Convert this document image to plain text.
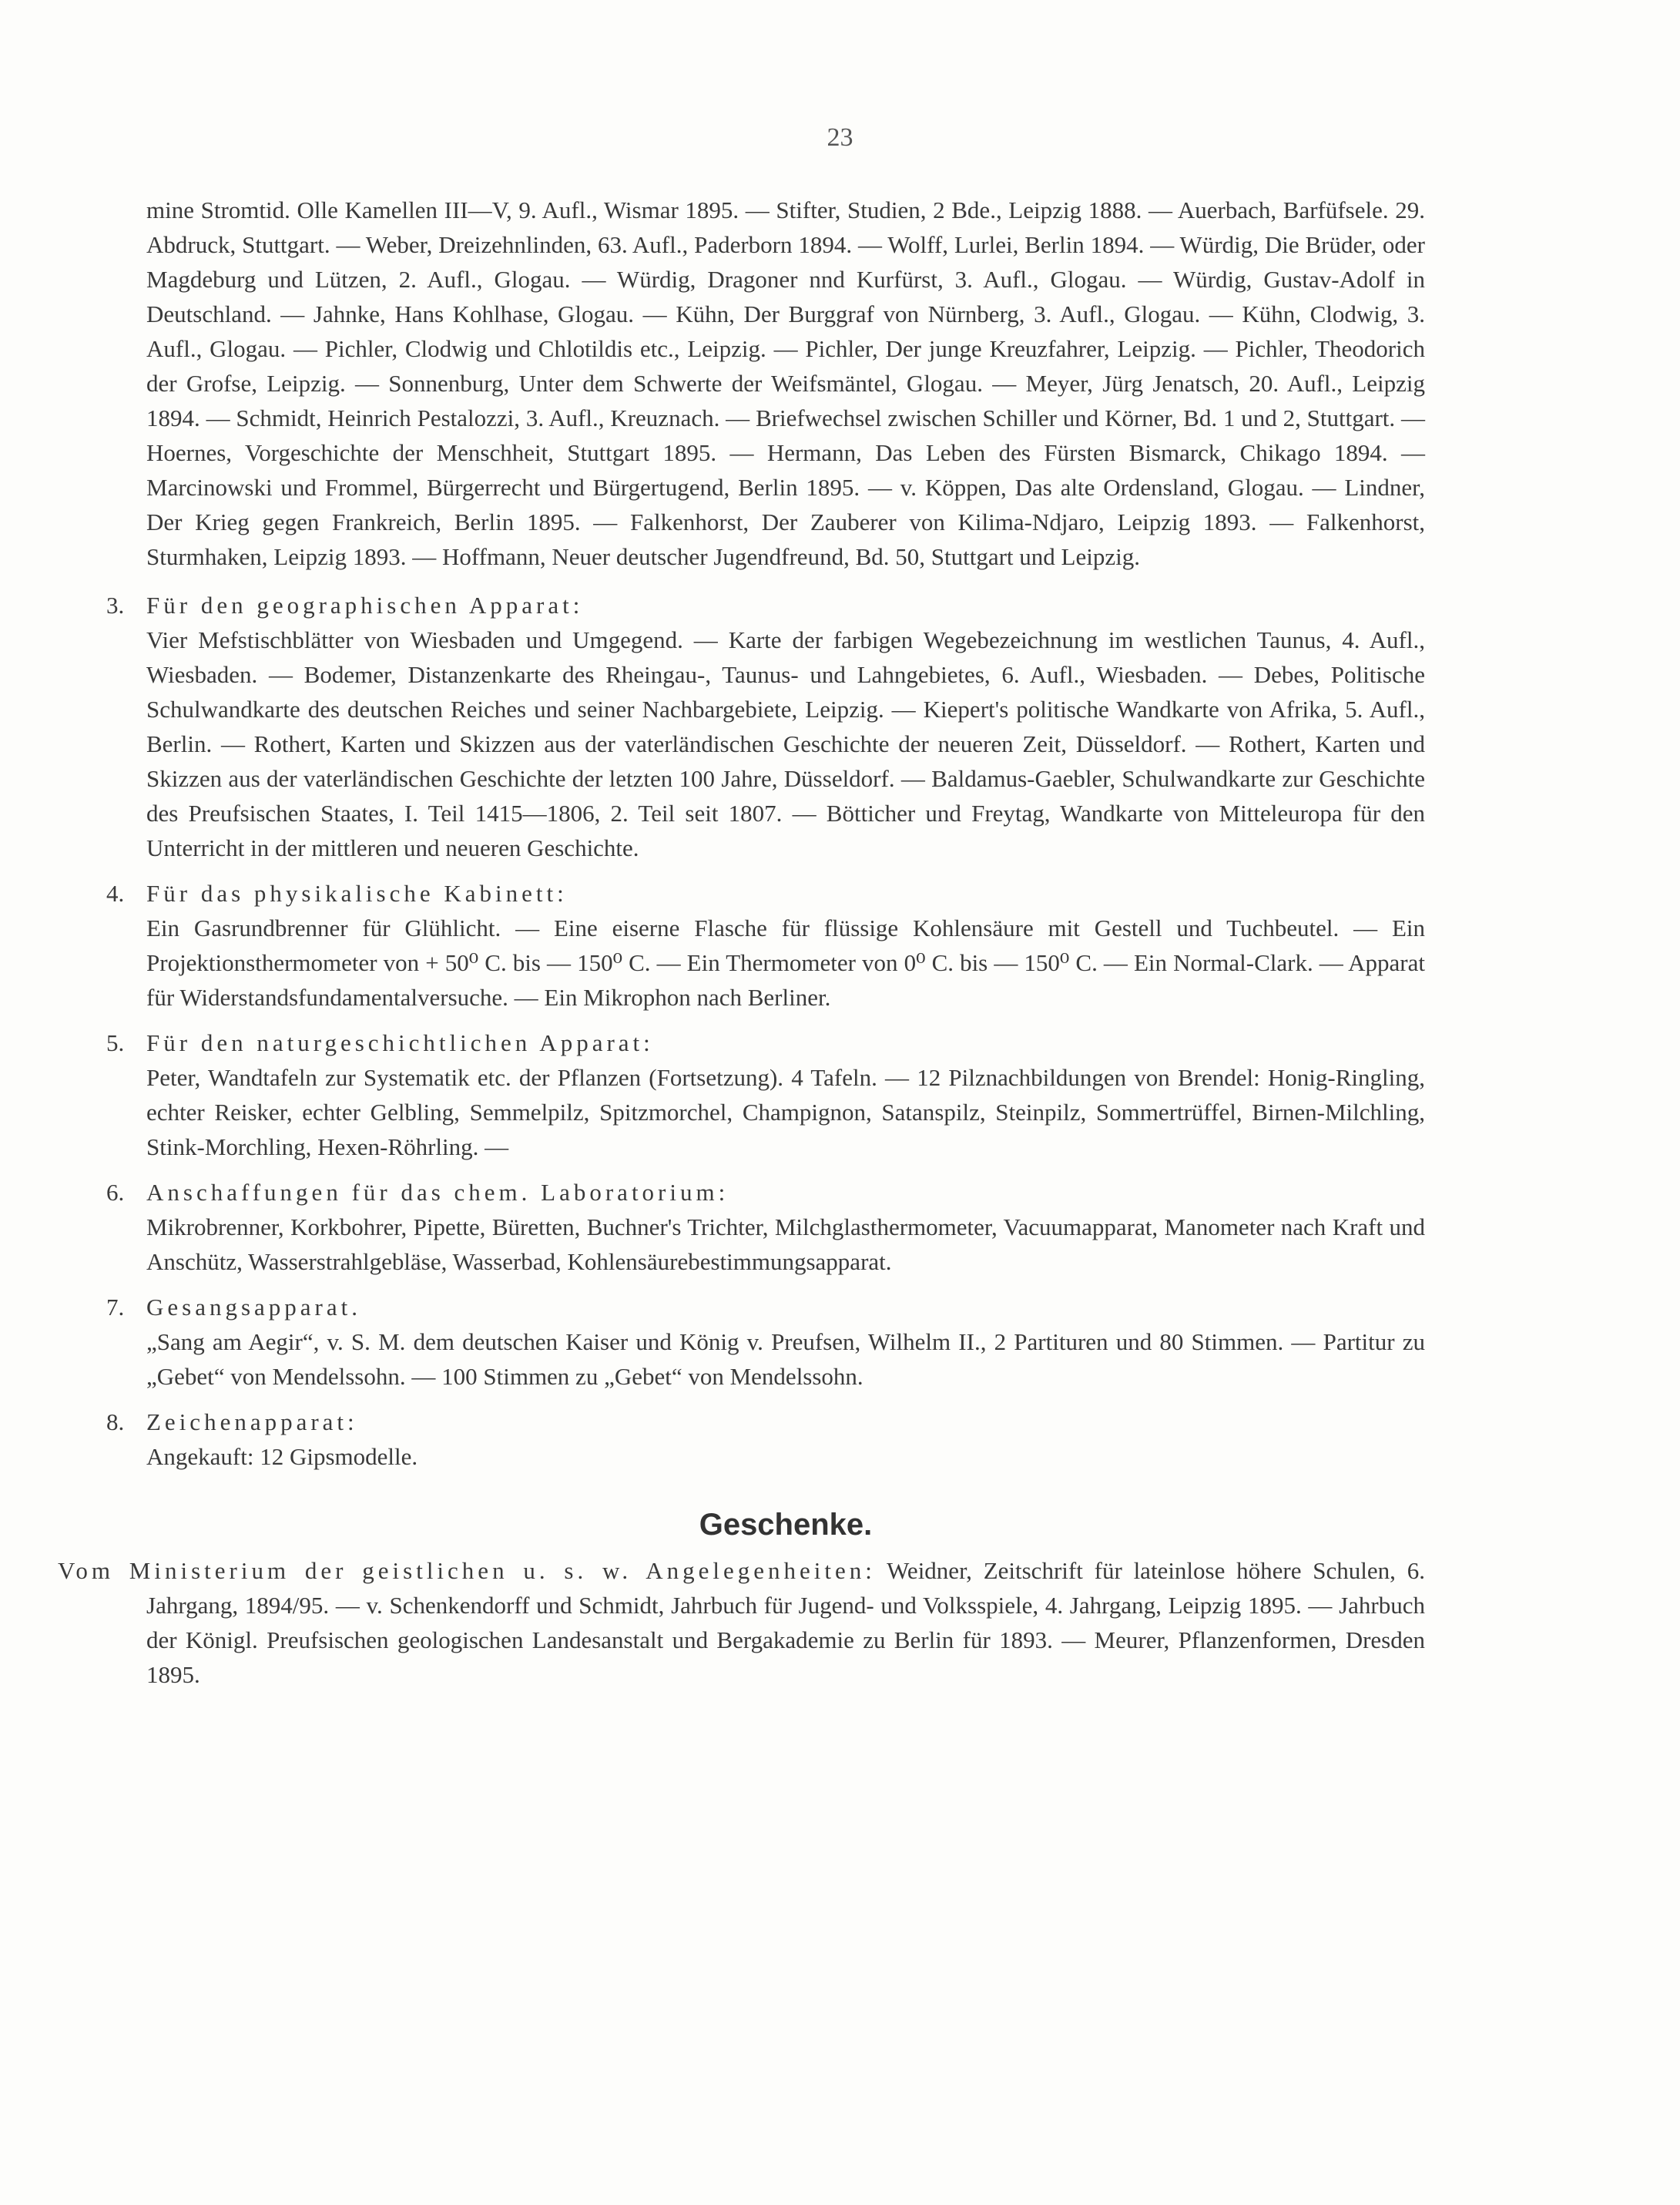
23

mine Stromtid. Olle Kamellen III—V, 9. Aufl., Wismar 1895. — Stifter, Studien, 2 Bde., Leipzig 1888. — Auerbach, Barfüfsele. 29. Abdruck, Stuttgart. — Weber, Dreizehnlinden, 63. Aufl., Paderborn 1894. — Wolff, Lurlei, Berlin 1894. — Würdig, Die Brüder, oder Magdeburg und Lützen, 2. Aufl., Glogau. — Würdig, Dragoner nnd Kurfürst, 3. Aufl., Glogau. — Würdig, Gustav-Adolf in Deutschland. — Jahnke, Hans Kohlhase, Glogau. — Kühn, Der Burggraf von Nürnberg, 3. Aufl., Glogau. — Kühn, Clodwig, 3. Aufl., Glogau. — Pichler, Clodwig und Chlotildis etc., Leipzig. — Pichler, Der junge Kreuzfahrer, Leipzig. — Pichler, Theodorich der Grofse, Leipzig. — Sonnenburg, Unter dem Schwerte der Weifsmäntel, Glogau. — Meyer, Jürg Jenatsch, 20. Aufl., Leipzig 1894. — Schmidt, Heinrich Pestalozzi, 3. Aufl., Kreuznach. — Briefwechsel zwischen Schiller und Körner, Bd. 1 und 2, Stuttgart. — Hoernes, Vorgeschichte der Menschheit, Stuttgart 1895. — Hermann, Das Leben des Fürsten Bismarck, Chikago 1894. — Marcinowski und Frommel, Bürgerrecht und Bürgertugend, Berlin 1895. — v. Köppen, Das alte Ordensland, Glogau. — Lindner, Der Krieg gegen Frankreich, Berlin 1895. — Falkenhorst, Der Zauberer von Kilima-Ndjaro, Leipzig 1893. — Falkenhorst, Sturmhaken, Leipzig 1893. — Hoffmann, Neuer deutscher Jugendfreund, Bd. 50, Stuttgart und Leipzig.

3. Für den geographischen Apparat:

Vier Mefstischblätter von Wiesbaden und Umgegend. — Karte der farbigen Wegebezeichnung im westlichen Taunus, 4. Aufl., Wiesbaden. — Bodemer, Distanzenkarte des Rheingau-, Taunus- und Lahngebietes, 6. Aufl., Wiesbaden. — Debes, Politische Schulwandkarte des deutschen Reiches und seiner Nachbargebiete, Leipzig. — Kiepert's politische Wandkarte von Afrika, 5. Aufl., Berlin. — Rothert, Karten und Skizzen aus der vaterländischen Geschichte der neueren Zeit, Düsseldorf. — Rothert, Karten und Skizzen aus der vaterländischen Geschichte der letzten 100 Jahre, Düsseldorf. — Baldamus-Gaebler, Schulwandkarte zur Geschichte des Preufsischen Staates, I. Teil 1415—1806, 2. Teil seit 1807. — Bötticher und Freytag, Wandkarte von Mitteleuropa für den Unterricht in der mittleren und neueren Geschichte.

4. Für das physikalische Kabinett:

Ein Gasrundbrenner für Glühlicht. — Eine eiserne Flasche für flüssige Kohlensäure mit Gestell und Tuchbeutel. — Ein Projektionsthermometer von + 50⁰ C. bis — 150⁰ C. — Ein Thermometer von 0⁰ C. bis — 150⁰ C. — Ein Normal-Clark. — Apparat für Widerstandsfundamentalversuche. — Ein Mikrophon nach Berliner.

5. Für den naturgeschichtlichen Apparat:

Peter, Wandtafeln zur Systematik etc. der Pflanzen (Fortsetzung). 4 Tafeln. — 12 Pilznachbildungen von Brendel: Honig-Ringling, echter Reisker, echter Gelbling, Semmelpilz, Spitzmorchel, Champignon, Satanspilz, Steinpilz, Sommertrüffel, Birnen-Milchling, Stink-Morchling, Hexen-Röhrling. —

6. Anschaffungen für das chem. Laboratorium:

Mikrobrenner, Korkbohrer, Pipette, Büretten, Buchner's Trichter, Milchglasthermometer, Vacuumapparat, Manometer nach Kraft und Anschütz, Wasserstrahlgebläse, Wasserbad, Kohlensäurebestimmungsapparat.

7. Gesangsapparat.

„Sang am Aegir“, v. S. M. dem deutschen Kaiser und König v. Preufsen, Wilhelm II., 2 Partituren und 80 Stimmen. — Partitur zu „Gebet“ von Mendelssohn. — 100 Stimmen zu „Gebet“ von Mendelssohn.

8. Zeichenapparat:

Angekauft: 12 Gipsmodelle.

Geschenke.

Vom Ministerium der geistlichen u. s. w. Angelegenheiten: Weidner, Zeitschrift für lateinlose höhere Schulen, 6. Jahrgang, 1894/95. — v. Schenkendorff und Schmidt, Jahrbuch für Jugend- und Volksspiele, 4. Jahrgang, Leipzig 1895. — Jahrbuch der Königl. Preufsischen geologischen Landesanstalt und Bergakademie zu Berlin für 1893. — Meurer, Pflanzenformen, Dresden 1895.
